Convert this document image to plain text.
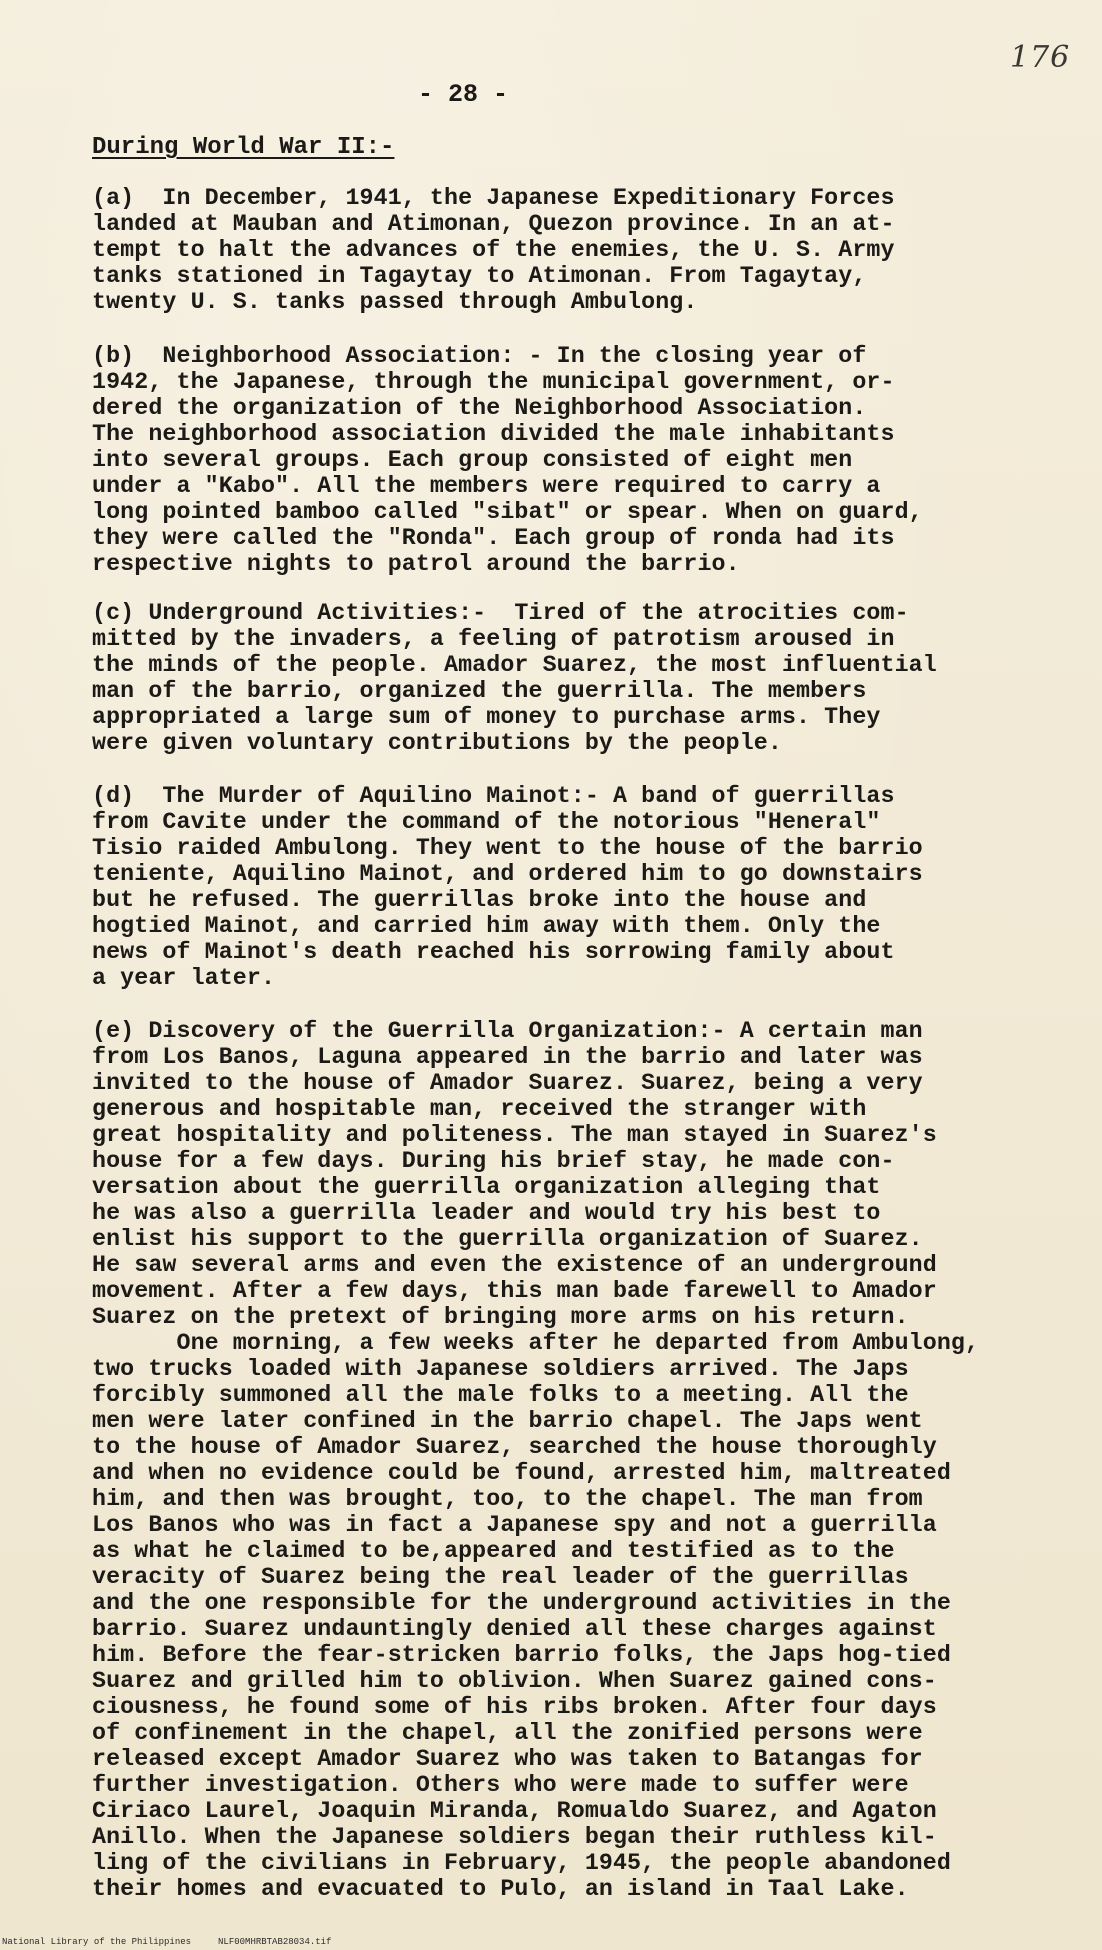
176
- 28 -
During World War II:-

(a)  In December, 1941, the Japanese Expeditionary Forces
landed at Mauban and Atimonan, Quezon province. In an at-
tempt to halt the advances of the enemies, the U. S. Army
tanks stationed in Tagaytay to Atimonan. From Tagaytay,
twenty U. S. tanks passed through Ambulong.

(b)  Neighborhood Association: - In the closing year of
1942, the Japanese, through the municipal government, or-
dered the organization of the Neighborhood Association.
The neighborhood association divided the male inhabitants
into several groups. Each group consisted of eight men
under a "Kabo". All the members were required to carry a
long pointed bamboo called "sibat" or spear. When on guard,
they were called the "Ronda". Each group of ronda had its
respective nights to patrol around the barrio.

(c) Underground Activities:-  Tired of the atrocities com-
mitted by the invaders, a feeling of patrotism aroused in
the minds of the people. Amador Suarez, the most influential
man of the barrio, organized the guerrilla. The members
appropriated a large sum of money to purchase arms. They
were given voluntary contributions by the people.

(d)  The Murder of Aquilino Mainot:- A band of guerrillas
from Cavite under the command of the notorious "Heneral"
Tisio raided Ambulong. They went to the house of the barrio
teniente, Aquilino Mainot, and ordered him to go downstairs
but he refused. The guerrillas broke into the house and
hogtied Mainot, and carried him away with them. Only the
news of Mainot's death reached his sorrowing family about
a year later.

(e) Discovery of the Guerrilla Organization:- A certain man
from Los Banos, Laguna appeared in the barrio and later was
invited to the house of Amador Suarez. Suarez, being a very
generous and hospitable man, received the stranger with
great hospitality and politeness. The man stayed in Suarez's
house for a few days. During his brief stay, he made con-
versation about the guerrilla organization alleging that
he was also a guerrilla leader and would try his best to
enlist his support to the guerrilla organization of Suarez.
He saw several arms and even the existence of an underground
movement. After a few days, this man bade farewell to Amador
Suarez on the pretext of bringing more arms on his return.
One morning, a few weeks after he departed from Ambulong,
two trucks loaded with Japanese soldiers arrived. The Japs
forcibly summoned all the male folks to a meeting. All the
men were later confined in the barrio chapel. The Japs went
to the house of Amador Suarez, searched the house thoroughly
and when no evidence could be found, arrested him, maltreated
him, and then was brought, too, to the chapel. The man from
Los Banos who was in fact a Japanese spy and not a guerrilla
as what he claimed to be,appeared and testified as to the
veracity of Suarez being the real leader of the guerrillas
and the one responsible for the underground activities in the
barrio. Suarez undauntingly denied all these charges against
him. Before the fear-stricken barrio folks, the Japs hog-tied
Suarez and grilled him to oblivion. When Suarez gained cons-
ciousness, he found some of his ribs broken. After four days
of confinement in the chapel, all the zonified persons were
released except Amador Suarez who was taken to Batangas for
further investigation. Others who were made to suffer were
Ciriaco Laurel, Joaquin Miranda, Romualdo Suarez, and Agaton
Anillo. When the Japanese soldiers began their ruthless kil-
ling of the civilians in February, 1945, the people abandoned
their homes and evacuated to Pulo, an island in Taal Lake.

National Library of the Philippines     NLF00MHRBTAB28034.tif
